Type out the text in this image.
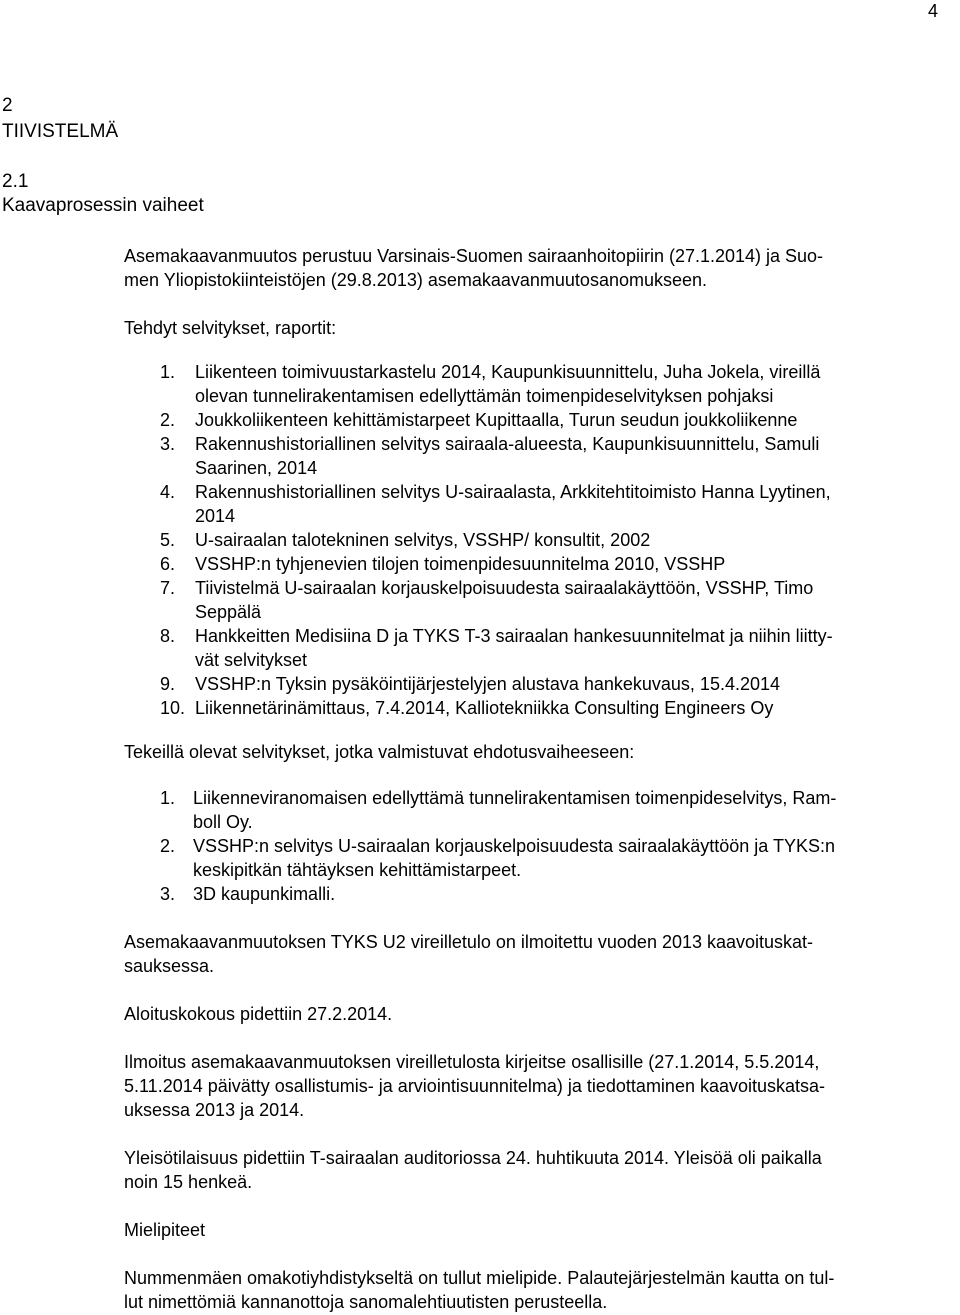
4
2
TIIVISTELMÄ
2.1
Kaavaprosessin vaiheet
Asemakaavanmuutos perustuu Varsinais-Suomen sairaanhoitopiirin (27.1.2014) ja Suo-
men Yliopistokiinteistöjen (29.8.2013) asemakaavanmuutosanomukseen.
Tehdyt selvitykset, raportit:
1. Liikenteen toimivuustarkastelu 2014, Kaupunkisuunnittelu, Juha Jokela, vireillä
olevan tunnelirakentamisen edellyttämän toimenpideselvityksen pohjaksi
2. Joukkoliikenteen kehittämistarpeet Kupittaalla, Turun seudun joukkoliikenne
3. Rakennushistoriallinen selvitys sairaala-alueesta, Kaupunkisuunnittelu, Samuli
Saarinen, 2014
4. Rakennushistoriallinen selvitys U-sairaalasta, Arkkitehtitoimisto Hanna Lyytinen,
2014
5. U-sairaalan talotekninen selvitys, VSSHP/ konsultit, 2002
6. VSSHP:n tyhjenevien tilojen toimenpidesuunnitelma 2010, VSSHP
7. Tiivistelmä U-sairaalan korjauskelpoisuudesta sairaalakäyttöön, VSSHP, Timo
Seppälä
8. Hankkeitten Medisiina D ja TYKS T-3 sairaalan hankesuunnitelmat ja niihin liitty-
vät selvitykset
9. VSSHP:n Tyksin pysäköintijärjestelyjen alustava hankekuvaus, 15.4.2014
10. Liikennetärinämittaus, 7.4.2014, Kalliotekniikka Consulting Engineers Oy
Tekeillä olevat selvitykset, jotka valmistuvat ehdotusvaiheeseen:
1. Liikenneviranomaisen edellyttämä tunnelirakentamisen toimenpideselvitys, Ram-
boll Oy.
2. VSSHP:n selvitys U-sairaalan korjauskelpoisuudesta sairaalakäyttöön ja TYKS:n
keskipitkän tähtäyksen kehittämistarpeet.
3. 3D kaupunkimalli.
Asemakaavanmuutoksen TYKS U2 vireilletulo on ilmoitettu vuoden 2013 kaavoituskat-
sauksessa.
Aloituskokous pidettiin 27.2.2014.
Ilmoitus asemakaavanmuutoksen vireilletulosta kirjeitse osallisille (27.1.2014, 5.5.2014,
5.11.2014 päivätty osallistumis- ja arviointisuunnitelma) ja tiedottaminen kaavoituskatsa-
uksessa 2013 ja 2014.
Yleisötilaisuus pidettiin T-sairaalan auditoriossa 24. huhtikuuta 2014. Yleisöä oli paikalla
noin 15 henkeä.
Mielipiteet
Nummenmäen omakotiyhdistykseltä on tullut mielipide. Palautejärjestelmän kautta on tul-
lut nimettömiä kannanottoja sanomalehtiuutisten perusteella.
